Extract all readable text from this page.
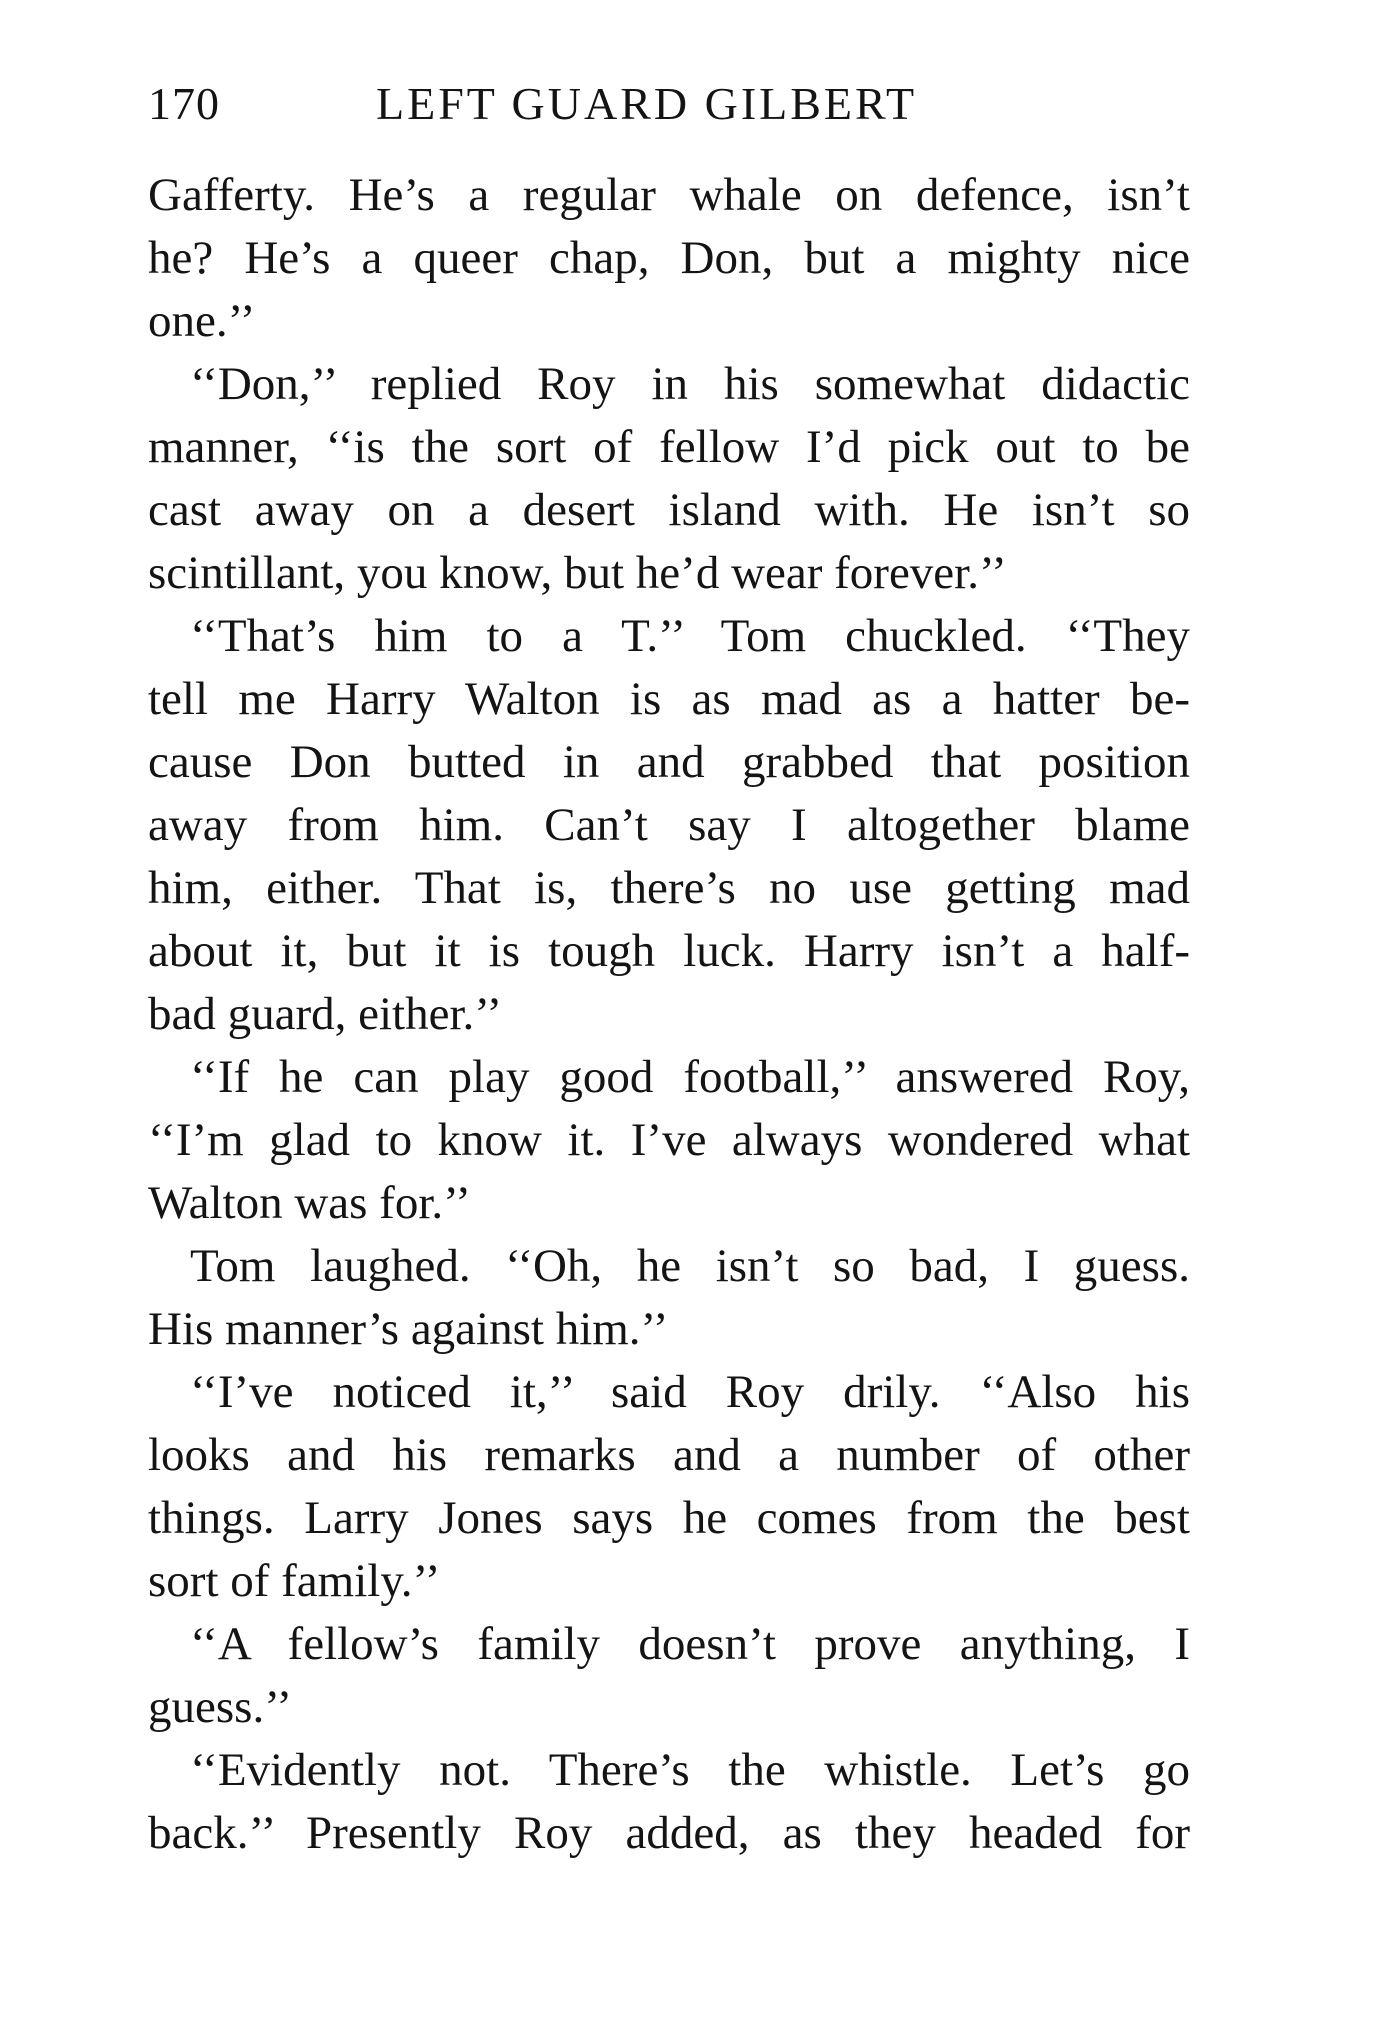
170	LEFT GUARD GILBERT
Gafferty. He’s a regular whale on defence, isn’t
he? He’s a queer chap, Don, but a mighty nice
one.’’
‘‘Don,’’ replied Roy in his somewhat didactic
manner, ‘‘is the sort of fellow I’d pick out to be
cast away on a desert island with. He isn’t so
scintillant, you know, but he’d wear forever.’’
‘‘That’s him to a T.’’ Tom chuckled. ‘‘They
tell me Harry Walton is as mad as a hatter be-
cause Don butted in and grabbed that position
away from him. Can’t say I altogether blame
him, either. That is, there’s no use getting mad
about it, but it is tough luck. Harry isn’t a half-
bad guard, either.’’
‘‘If he can play good football,’’ answered Roy,
‘‘I’m glad to know it. I’ve always wondered what
Walton was for.’’
Tom laughed. ‘‘Oh, he isn’t so bad, I guess.
His manner’s against him.’’
‘‘I’ve noticed it,’’ said Roy drily. ‘‘Also his
looks and his remarks and a number of other
things. Larry Jones says he comes from the best
sort of family.’’
‘‘A fellow’s family doesn’t prove anything, I
guess.’’
‘‘Evidently not. There’s the whistle. Let’s go
back.’’ Presently Roy added, as they headed for
